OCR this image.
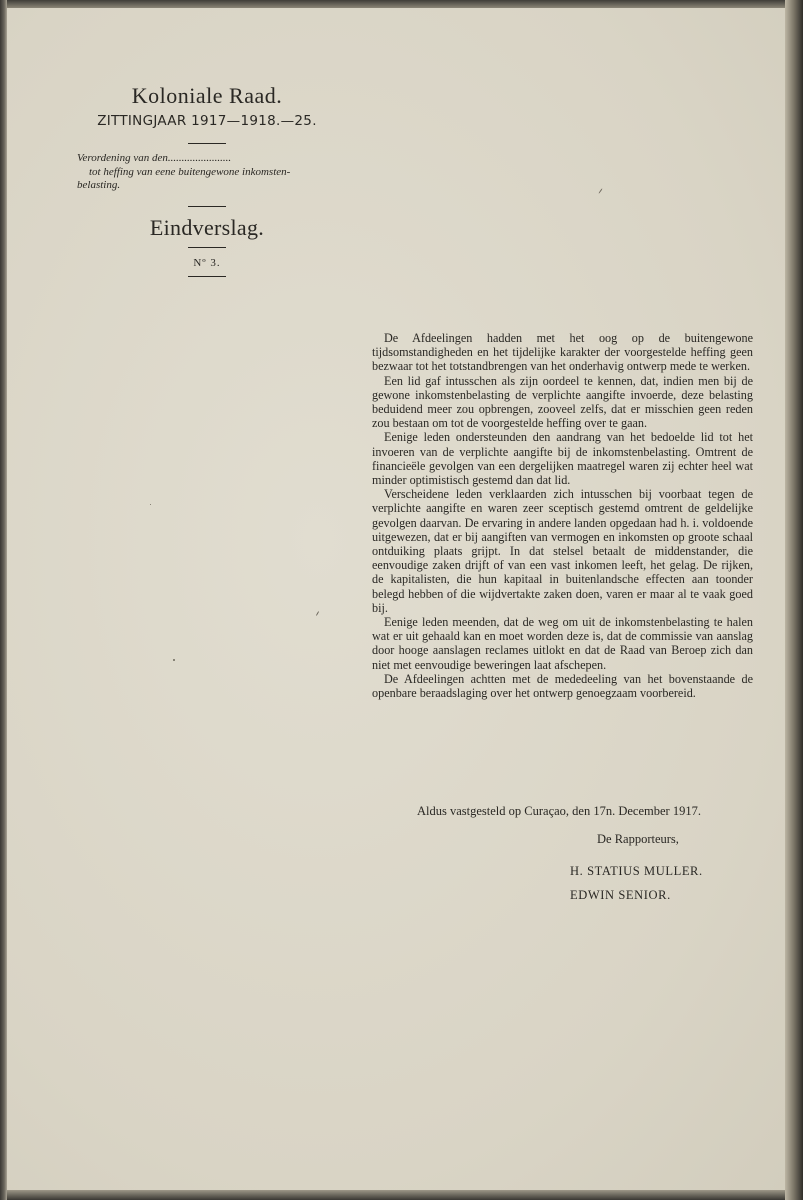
Koloniale Raad.

ZITTINGJAAR 1917—1918.—25.

Verordening van den.......................
tot heffing van eene buitengewone inkomsten-
belasting.

Eindverslag.

Nº 3.

De Afdeelingen hadden met het oog op de buitengewone tijdsomstandigheden en het tijdelijke karakter der voorgestelde heffing geen bezwaar tot het totstandbrengen van het onderhavig ontwerp mede te werken.

Een lid gaf intusschen als zijn oordeel te kennen, dat, indien men bij de gewone inkomstenbelasting de verplichte aangifte invoerde, deze belasting beduidend meer zou opbrengen, zooveel zelfs, dat er misschien geen reden zou bestaan om tot de voorgestelde heffing over te gaan.

Eenige leden ondersteunden den aandrang van het bedoelde lid tot het invoeren van de verplichte aangifte bij de inkomstenbelasting. Omtrent de financieële gevolgen van een dergelijken maatregel waren zij echter heel wat minder optimistisch gestemd dan dat lid.

Verscheidene leden verklaarden zich intusschen bij voorbaat tegen de verplichte aangifte en waren zeer sceptisch gestemd omtrent de geldelijke gevolgen daarvan. De ervaring in andere landen opgedaan had h. i. voldoende uitgewezen, dat er bij aangiften van vermogen en inkomsten op groote schaal ontduiking plaats grijpt. In dat stelsel betaalt de middenstander, die eenvoudige zaken drijft of van een vast inkomen leeft, het gelag. De rijken, de kapitalisten, die hun kapitaal in buitenlandsche effecten aan toonder belegd hebben of die wijdvertakte zaken doen, varen er maar al te vaak goed bij.

Eenige leden meenden, dat de weg om uit de inkomstenbelasting te halen wat er uit gehaald kan en moet worden deze is, dat de commissie van aanslag door hooge aanslagen reclames uitlokt en dat de Raad van Beroep zich dan niet met eenvoudige beweringen laat afschepen.

De Afdeelingen achtten met de mededeeling van het bovenstaande de openbare beraadslaging over het ontwerp genoegzaam voorbereid.

Aldus vastgesteld op Curaçao, den 17n. December 1917.

De Rapporteurs,

H. STATIUS MULLER.

EDWIN SENIOR.
